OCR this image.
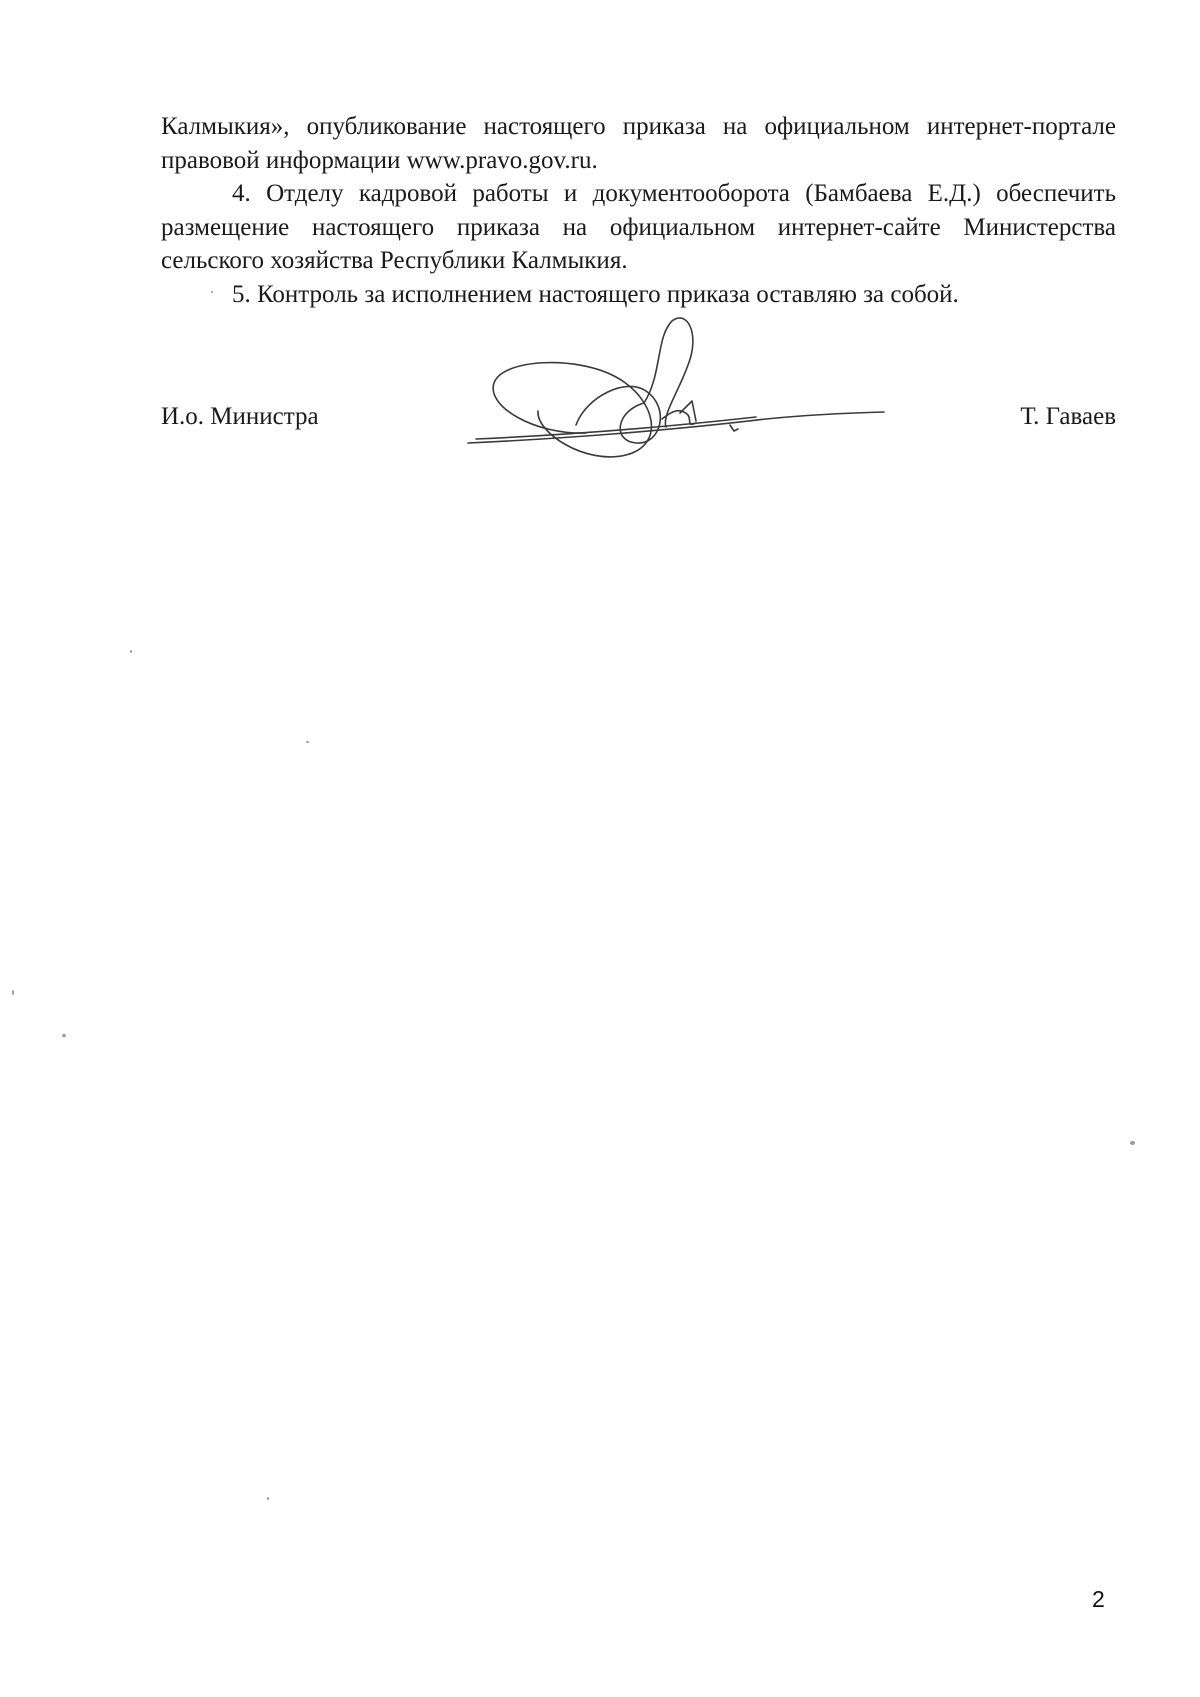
Калмыкия», опубликование настоящего приказа на официальном интернет-портале правовой информации www.pravo.gov.ru.

4. Отделу кадровой работы и документооборота (Бамбаева Е.Д.) обеспечить размещение настоящего приказа на официальном интернет-сайте Министерства сельского хозяйства Республики Калмыкия.

5. Контроль за исполнением настоящего приказа оставляю за собой.

И.о. Министра	Т. Гаваев
2
